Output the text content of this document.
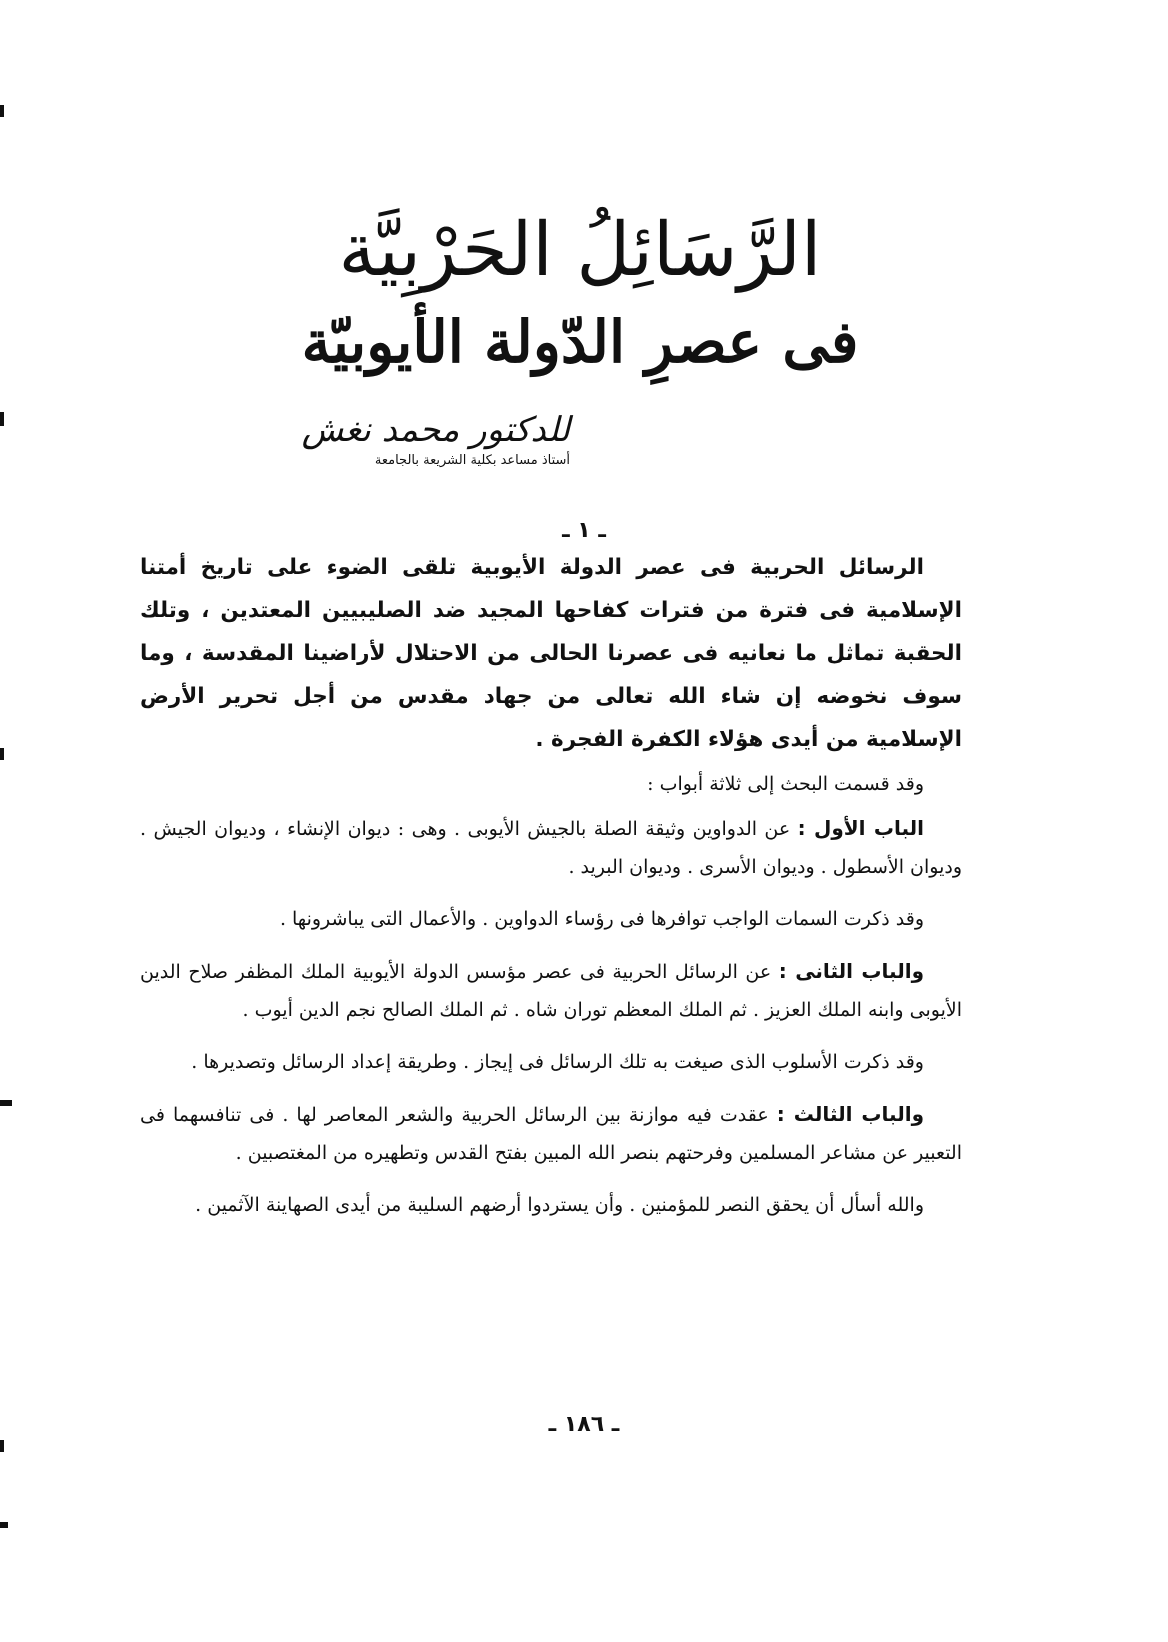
الرَّسَائِلُ الحَرْبِيَّة
فى عصرِ الدّولة الأيوبيّة
للدكتور محمد نغش
أستاذ مساعد بكلية الشريعة بالجامعة
ـ ١ ـ

الرسائل الحربية فى عصر الدولة الأيوبية تلقى الضوء على تاريخ أمتنا الإسلامية فى فترة من فترات كفاحها المجيد ضد الصليبيين المعتدين ، وتلك الحقبة تماثل ما نعانيه فى عصرنا الحالى من الاحتلال لأراضينا المقدسة ، وما سوف نخوضه إن شاء الله تعالى من جهاد مقدس من أجل تحرير الأرض الإسلامية من أيدى هؤلاء الكفرة الفجرة .

وقد قسمت البحث إلى ثلاثة أبواب :

الباب الأول : عن الدواوين وثيقة الصلة بالجيش الأيوبى . وهى : ديوان الإنشاء ، وديوان الجيش . وديوان الأسطول . وديوان الأسرى . وديوان البريد .

وقد ذكرت السمات الواجب توافرها فى رؤساء الدواوين . والأعمال التى يباشرونها .

والباب الثانى : عن الرسائل الحربية فى عصر مؤسس الدولة الأيوبية الملك المظفر صلاح الدين الأيوبى وابنه الملك العزيز . ثم الملك المعظم توران شاه . ثم الملك الصالح نجم الدين أيوب .

وقد ذكرت الأسلوب الذى صيغت به تلك الرسائل فى إيجاز . وطريقة إعداد الرسائل وتصديرها .

والباب الثالث : عقدت فيه موازنة بين الرسائل الحربية والشعر المعاصر لها . فى تنافسهما فى التعبير عن مشاعر المسلمين وفرحتهم بنصر الله المبين بفتح القدس وتطهيره من المغتصبين .

والله أسأل أن يحقق النصر للمؤمنين . وأن يستردوا أرضهم السليبة من أيدى الصهاينة الآثمين .

ـ ١٨٦ ـ
